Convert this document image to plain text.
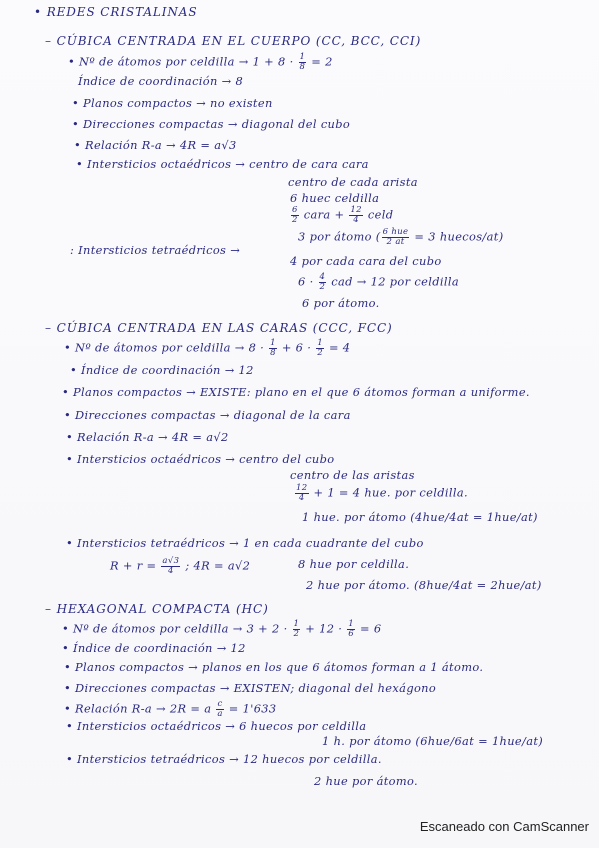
• REDES CRISTALINAS
– CÚBICA CENTRADA EN EL CUERPO (CC, BCC, CCI)
• Nº de átomos por celdilla → $1 + 8 \cdot \frac{1}{8} = 2$
Índice de coordinación → 8
• Planos compactos → no existen
• Direcciones compactas → diagonal del cubo
• Relación R-a → 4R = a√3
• Intersticios octaédricos → centro de cara cara
centro de cada arista
6 huec celdilla
$\frac{6}{2}$ cara + $\frac{12}{4}$ celd
3 por átomo ( $\frac{\text{6 hue}}{2 at} = 3$ huecos/at)
: Intersticios tetraédricos →
4 por cada cara del cubo
$6 \cdot \frac{4}{2}$ cad → 12 por celdilla
6 por átomo.
– CÚBICA CENTRADA EN LAS CARAS (CCC, FCC)
• Nº de átomos por celdilla → $8 \cdot \frac{1}{8} + 6 \cdot \frac{1}{2} = 4$
• Índice de coordinación → 12
• Planos compactos → EXISTE: plano en el que 6 átomos forman a uniforme.
• Direcciones compactas → diagonal de la cara
• Relación R-a → 4R = a√2
• Intersticios octaédricos → centro del cubo
centro de las aristas
$\frac{12}{4} + 1 = 4$ hue. por celdilla.
1 hue. por átomo (4hue/4at = 1hue/at)
• Intersticios tetraédricos → 1 en cada cuadrante del cubo
$R + r = \frac{a√3}{4}$ ; 4R = a√2	8 hue por celdilla.
2 hue por átomo. (8hue/4at = 2hue/at)
– HEXAGONAL COMPACTA (HC)
• Nº de átomos por celdilla → $3 + 2 \cdot \frac{1}{2} + 12 \cdot \frac{1}{6} = 6$
• Índice de coordinación → 12
• Planos compactos → planos en los que 6 átomos forman a 1 átomo.
• Direcciones compactas → EXISTEN; diagonal del hexágono
• Relación R-a → 2R = a $\frac{c}{a} = 1'633$
• Intersticios octaédricos → 6 huecos por celdilla
1 h. por átomo (6hue/6at = 1hue/at)
• Intersticios tetraédricos → 12 huecos por celdilla.
2 hue por átomo.
Escaneado con CamScanner
